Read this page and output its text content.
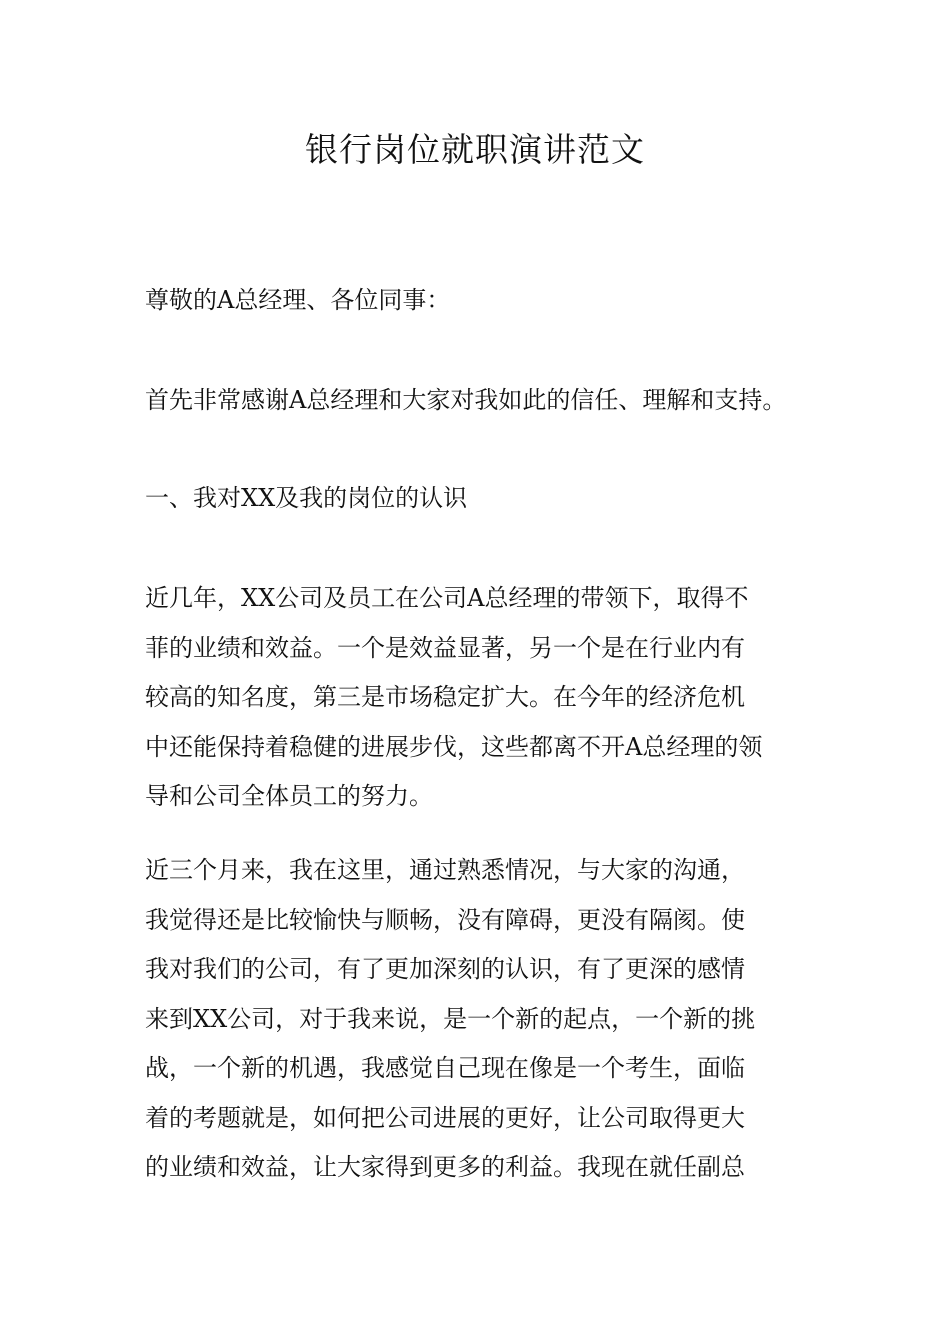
银行岗位就职演讲范文
尊敬的A总经理、各位同事：
首先非常感谢A总经理和大家对我如此的信任、理解和支持。
一、我对XX及我的岗位的认识
近几年，XX公司及员工在公司A总经理的带领下，取得不
菲的业绩和效益。一个是效益显著，另一个是在行业内有
较高的知名度，第三是市场稳定扩大。在今年的经济危机
中还能保持着稳健的进展步伐，这些都离不开A总经理的领
导和公司全体员工的努力。
近三个月来，我在这里，通过熟悉情况，与大家的沟通，
我觉得还是比较愉快与顺畅，没有障碍，更没有隔阂。使
我对我们的公司，有了更加深刻的认识，有了更深的感情
来到XX公司，对于我来说，是一个新的起点，一个新的挑
战，一个新的机遇，我感觉自己现在像是一个考生，面临
着的考题就是，如何把公司进展的更好，让公司取得更大
的业绩和效益，让大家得到更多的利益。我现在就任副总
